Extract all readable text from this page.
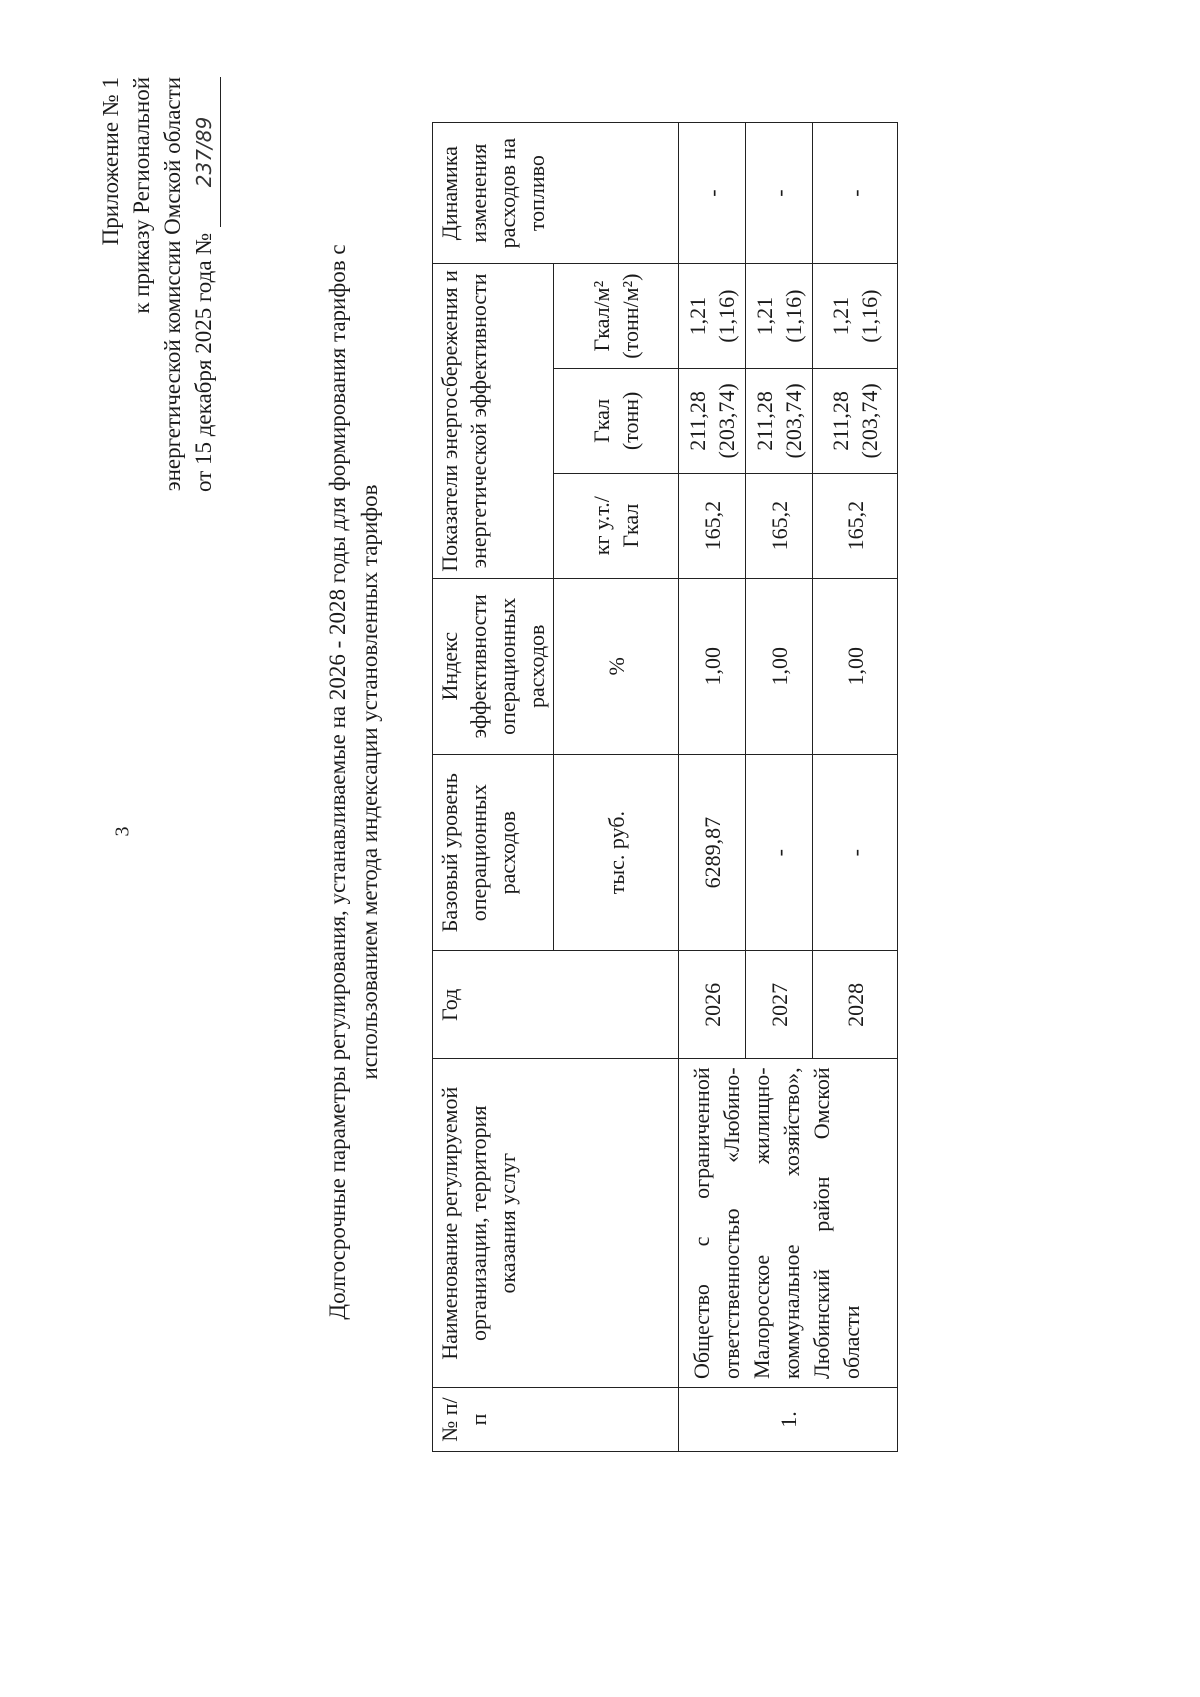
3
Приложение № 1 к приказу Региональной энергетической комиссии Омской области от 15 декабря 2025 года № 237/89
Долгосрочные параметры регулирования, устанавливаемые на 2026 - 2028 годы для формирования тарифов с использованием метода индексации установленных тарифов
№ п/п	Наименование регулируемой организации, территория оказания услуг	Год	Базовый уровень операционных расходов	Индекс эффективности операционных расходов	Показатели энергосбережения и энергетической эффективности			Динамика изменения расходов на топливо
			тыс. руб.	%	кг у.т./ Гкал	Гкал (тонн)	Гкал/м² (тонн/м²)	
1.	Общество с ограниченной ответственностью «Любино-Малоросское жилищно-коммунальное хозяйство», Любинский район Омской области	2026	6289,87	1,00	165,2	211,28 (203,74)	1,21 (1,16)	-
		2027	-	1,00	165,2	211,28 (203,74)	1,21 (1,16)	-
		2028	-	1,00	165,2	211,28 (203,74)	1,21 (1,16)	-
